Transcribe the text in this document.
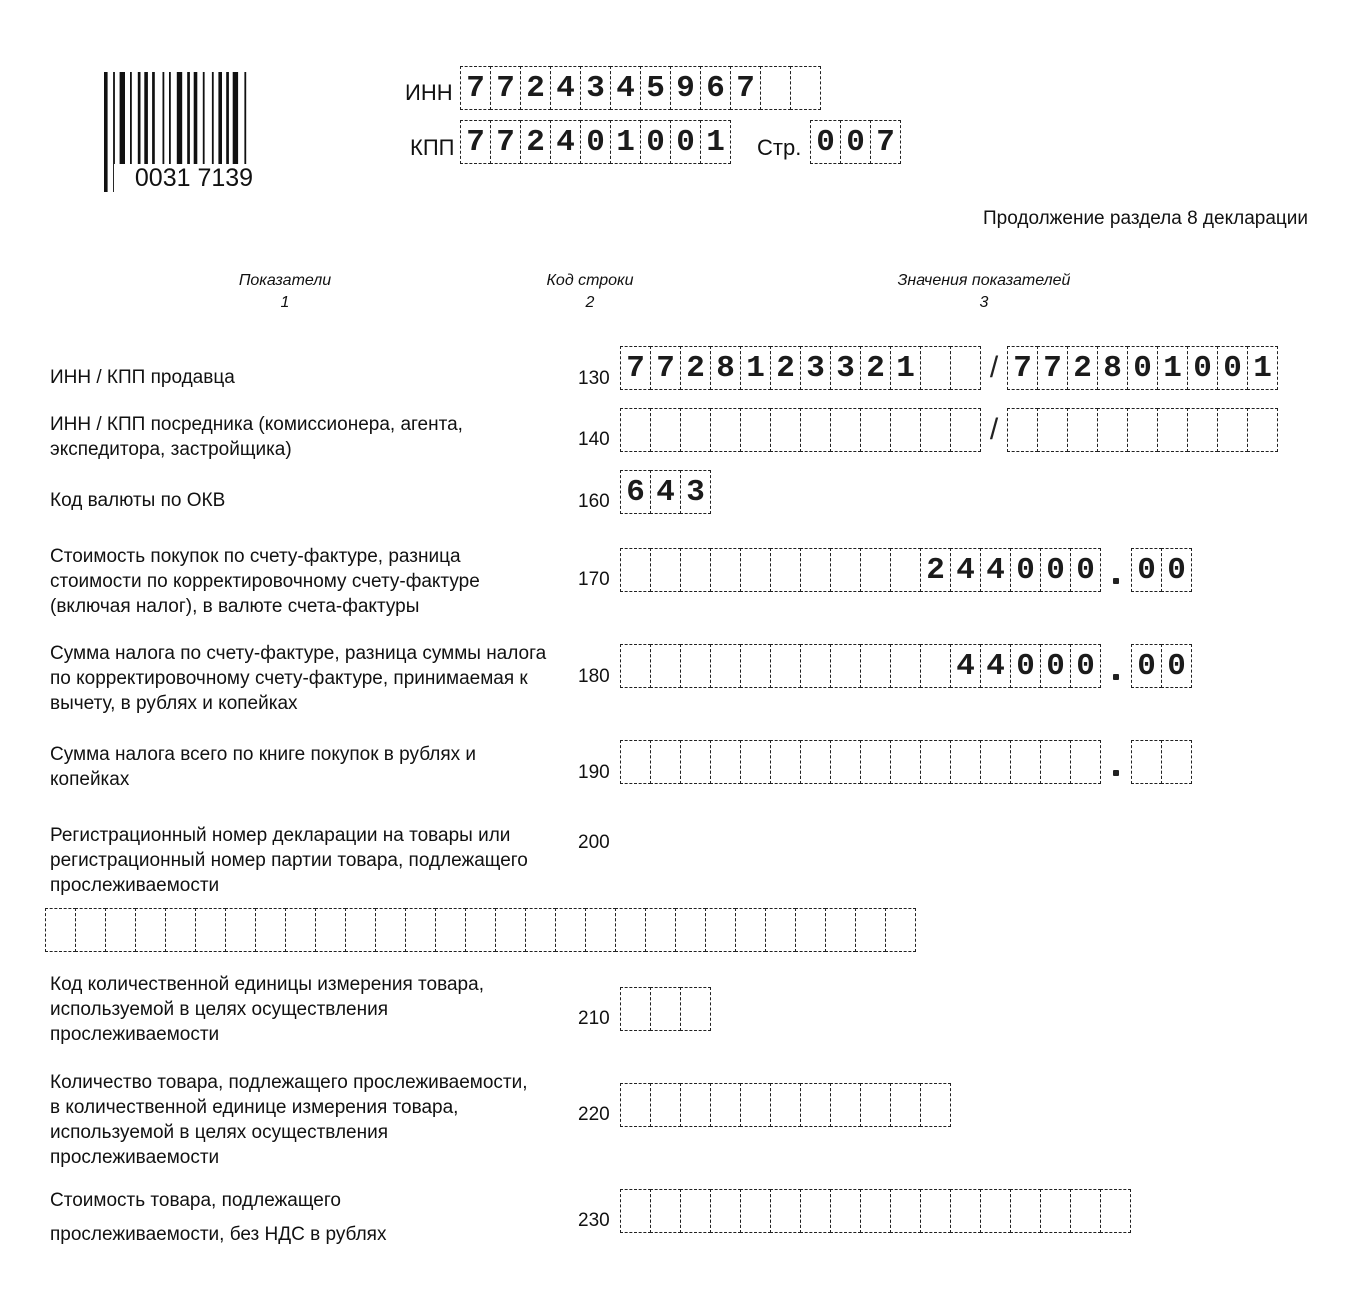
0031 7139
ИНН 7 7 2 4 3 4 5 9 6 7
КПП 7 7 2 4 0 1 0 0 1 Стр. 0 0 7
Продолжение раздела 8 декларации
Показатели
1
Код строки
2
Значения показателей
3
ИНН / КПП продавца	130 7 7 2 8 1 2 3 3 2 1	/ 7 7 2 8 0 1 0 0 1
ИНН / КПП посредника (комиссионера, агента, экспедитора, застройщика)	140	/
Код валюты по ОКВ	160 6 4 3
Стоимость покупок по счету-фактуре, разница стоимости по корректировочному счету-фактуре (включая налог), в валюте счета-фактуры
170	2 4 4 0 0 0 0 0
Сумма налога по счету-фактуре, разница суммы налога по корректировочному счету-фактуре, принимаемая к вычету, в рублях и копейках
180	4 4 0 0 0 0 0
Сумма налога всего по книге покупок в рублях и копейках	190
Регистрационный номер декларации на товары или регистрационный номер партии товара, подлежащего прослеживаемости
200
Код количественной единицы измерения товара, используемой в целях осуществления прослеживаемости
210
Количество товара, подлежащего прослеживаемости, в количественной единице измерения товара, используемой в целях осуществления прослеживаемости
220
Стоимость товара, подлежащего
прослеживаемости, без НДС в рублях
230
